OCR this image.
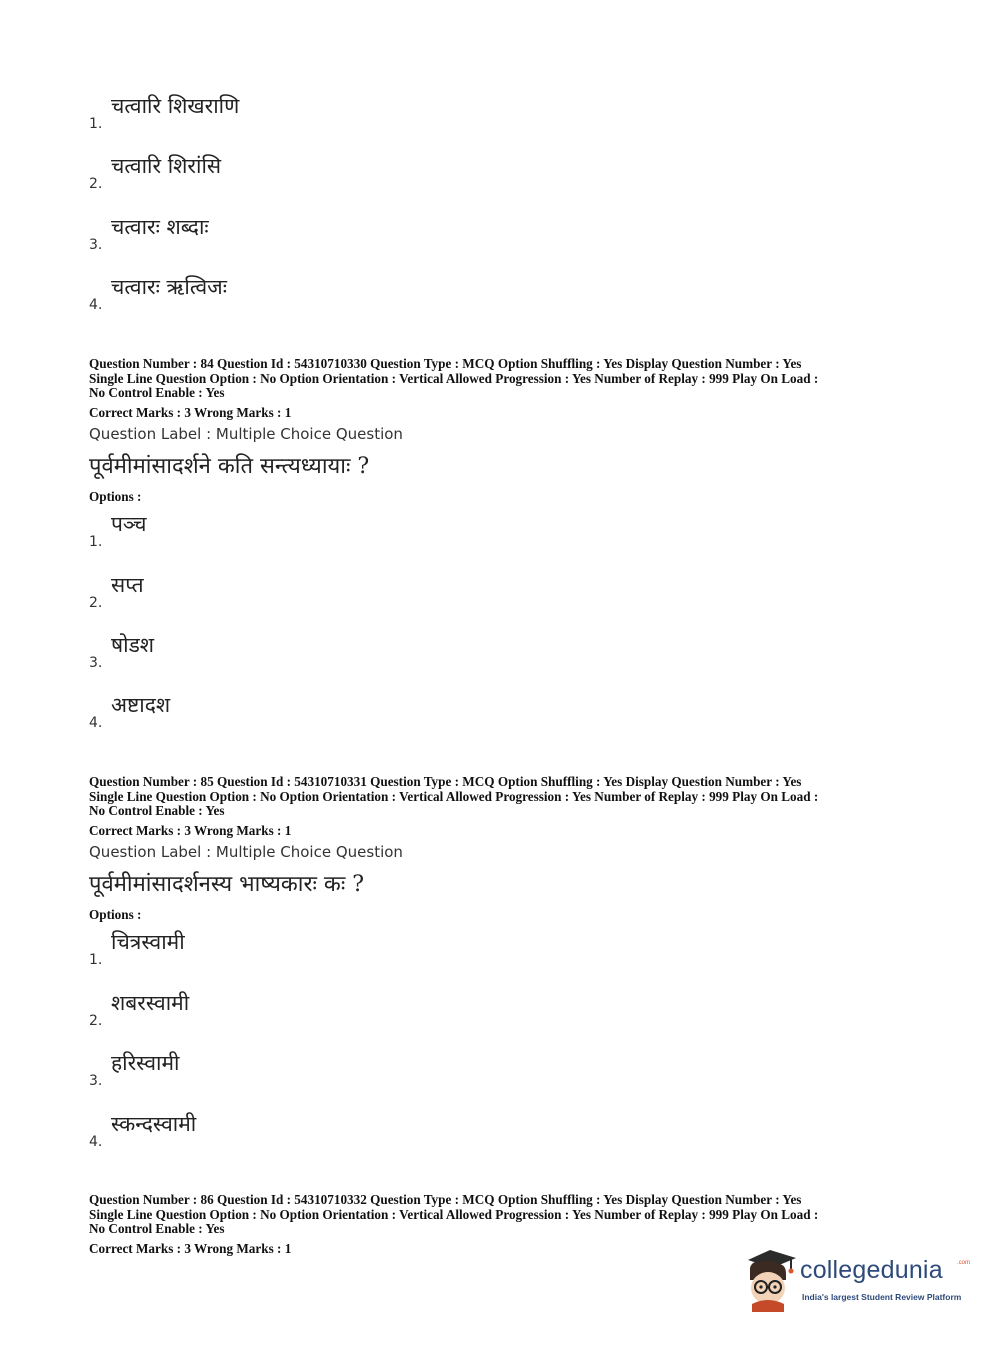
1.
चत्वारि शिखराणि
2.
चत्वारि शिरांसि
3.
चत्वारः शब्दाः
4.
चत्वारः ऋत्विजः
Question Number : 84 Question Id : 54310710330 Question Type : MCQ Option Shuffling : Yes Display Question Number : Yes
Single Line Question Option : No Option Orientation : Vertical Allowed Progression : Yes Number of Replay : 999 Play On Load :
No Control Enable : Yes
Correct Marks : 3 Wrong Marks : 1
Question Label : Multiple Choice Question
पूर्वमीमांसादर्शने कति सन्त्यध्यायाः ?
Options :
1.
पञ्च
2.
सप्त
3.
षोडश
4.
अष्टादश
Question Number : 85 Question Id : 54310710331 Question Type : MCQ Option Shuffling : Yes Display Question Number : Yes
Single Line Question Option : No Option Orientation : Vertical Allowed Progression : Yes Number of Replay : 999 Play On Load :
No Control Enable : Yes
Correct Marks : 3 Wrong Marks : 1
Question Label : Multiple Choice Question
पूर्वमीमांसादर्शनस्य भाष्यकारः कः ?
Options :
1.
चित्रस्वामी
2.
शबरस्वामी
3.
हरिस्वामी
4.
स्कन्दस्वामी
Question Number : 86 Question Id : 54310710332 Question Type : MCQ Option Shuffling : Yes Display Question Number : Yes
Single Line Question Option : No Option Orientation : Vertical Allowed Progression : Yes Number of Replay : 999 Play On Load :
No Control Enable : Yes
Correct Marks : 3 Wrong Marks : 1
collegedunia .com
India's largest Student Review Platform
